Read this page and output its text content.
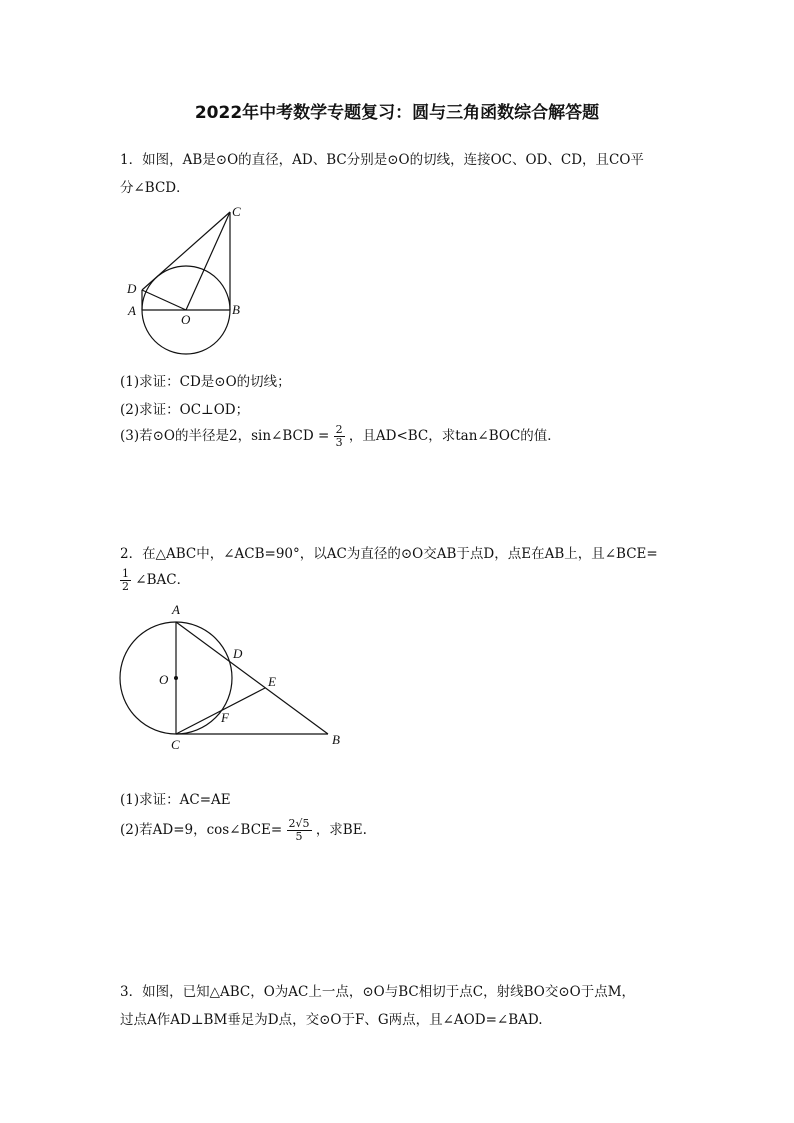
2022年中考数学专题复习：圆与三角函数综合解答题
1．如图，AB是⊙O的直径，AD、BC分别是⊙O的切线，连接OC、OD、CD，且CO平
分∠BCD．
C
D
A
O
B
(1)求证：CD是⊙O的切线；
(2)求证：OC⊥OD；
(3)若⊙O的半径是2，sin∠BCD = $\frac{2}{3}$ ，且AD<BC，求tan∠BOC的值．
2．在△ABC中，∠ACB=90°，以AC为直径的⊙O交AB于点D，点E在AB上，且∠BCE=
$\frac{1}{2}$ ∠BAC．
A
D
O	E
F
C	B
(1)求证：AC=AE
(2)若AD=9，cos∠BCE= $\frac{2√5}{5}$ ，求BE.
3．如图，已知△ABC，O为AC上一点，⊙O与BC相切于点C，射线BO交⊙O于点M，
过点A作AD⊥BM垂足为D点，交⊙O于F、G两点，且∠AOD=∠BAD.
